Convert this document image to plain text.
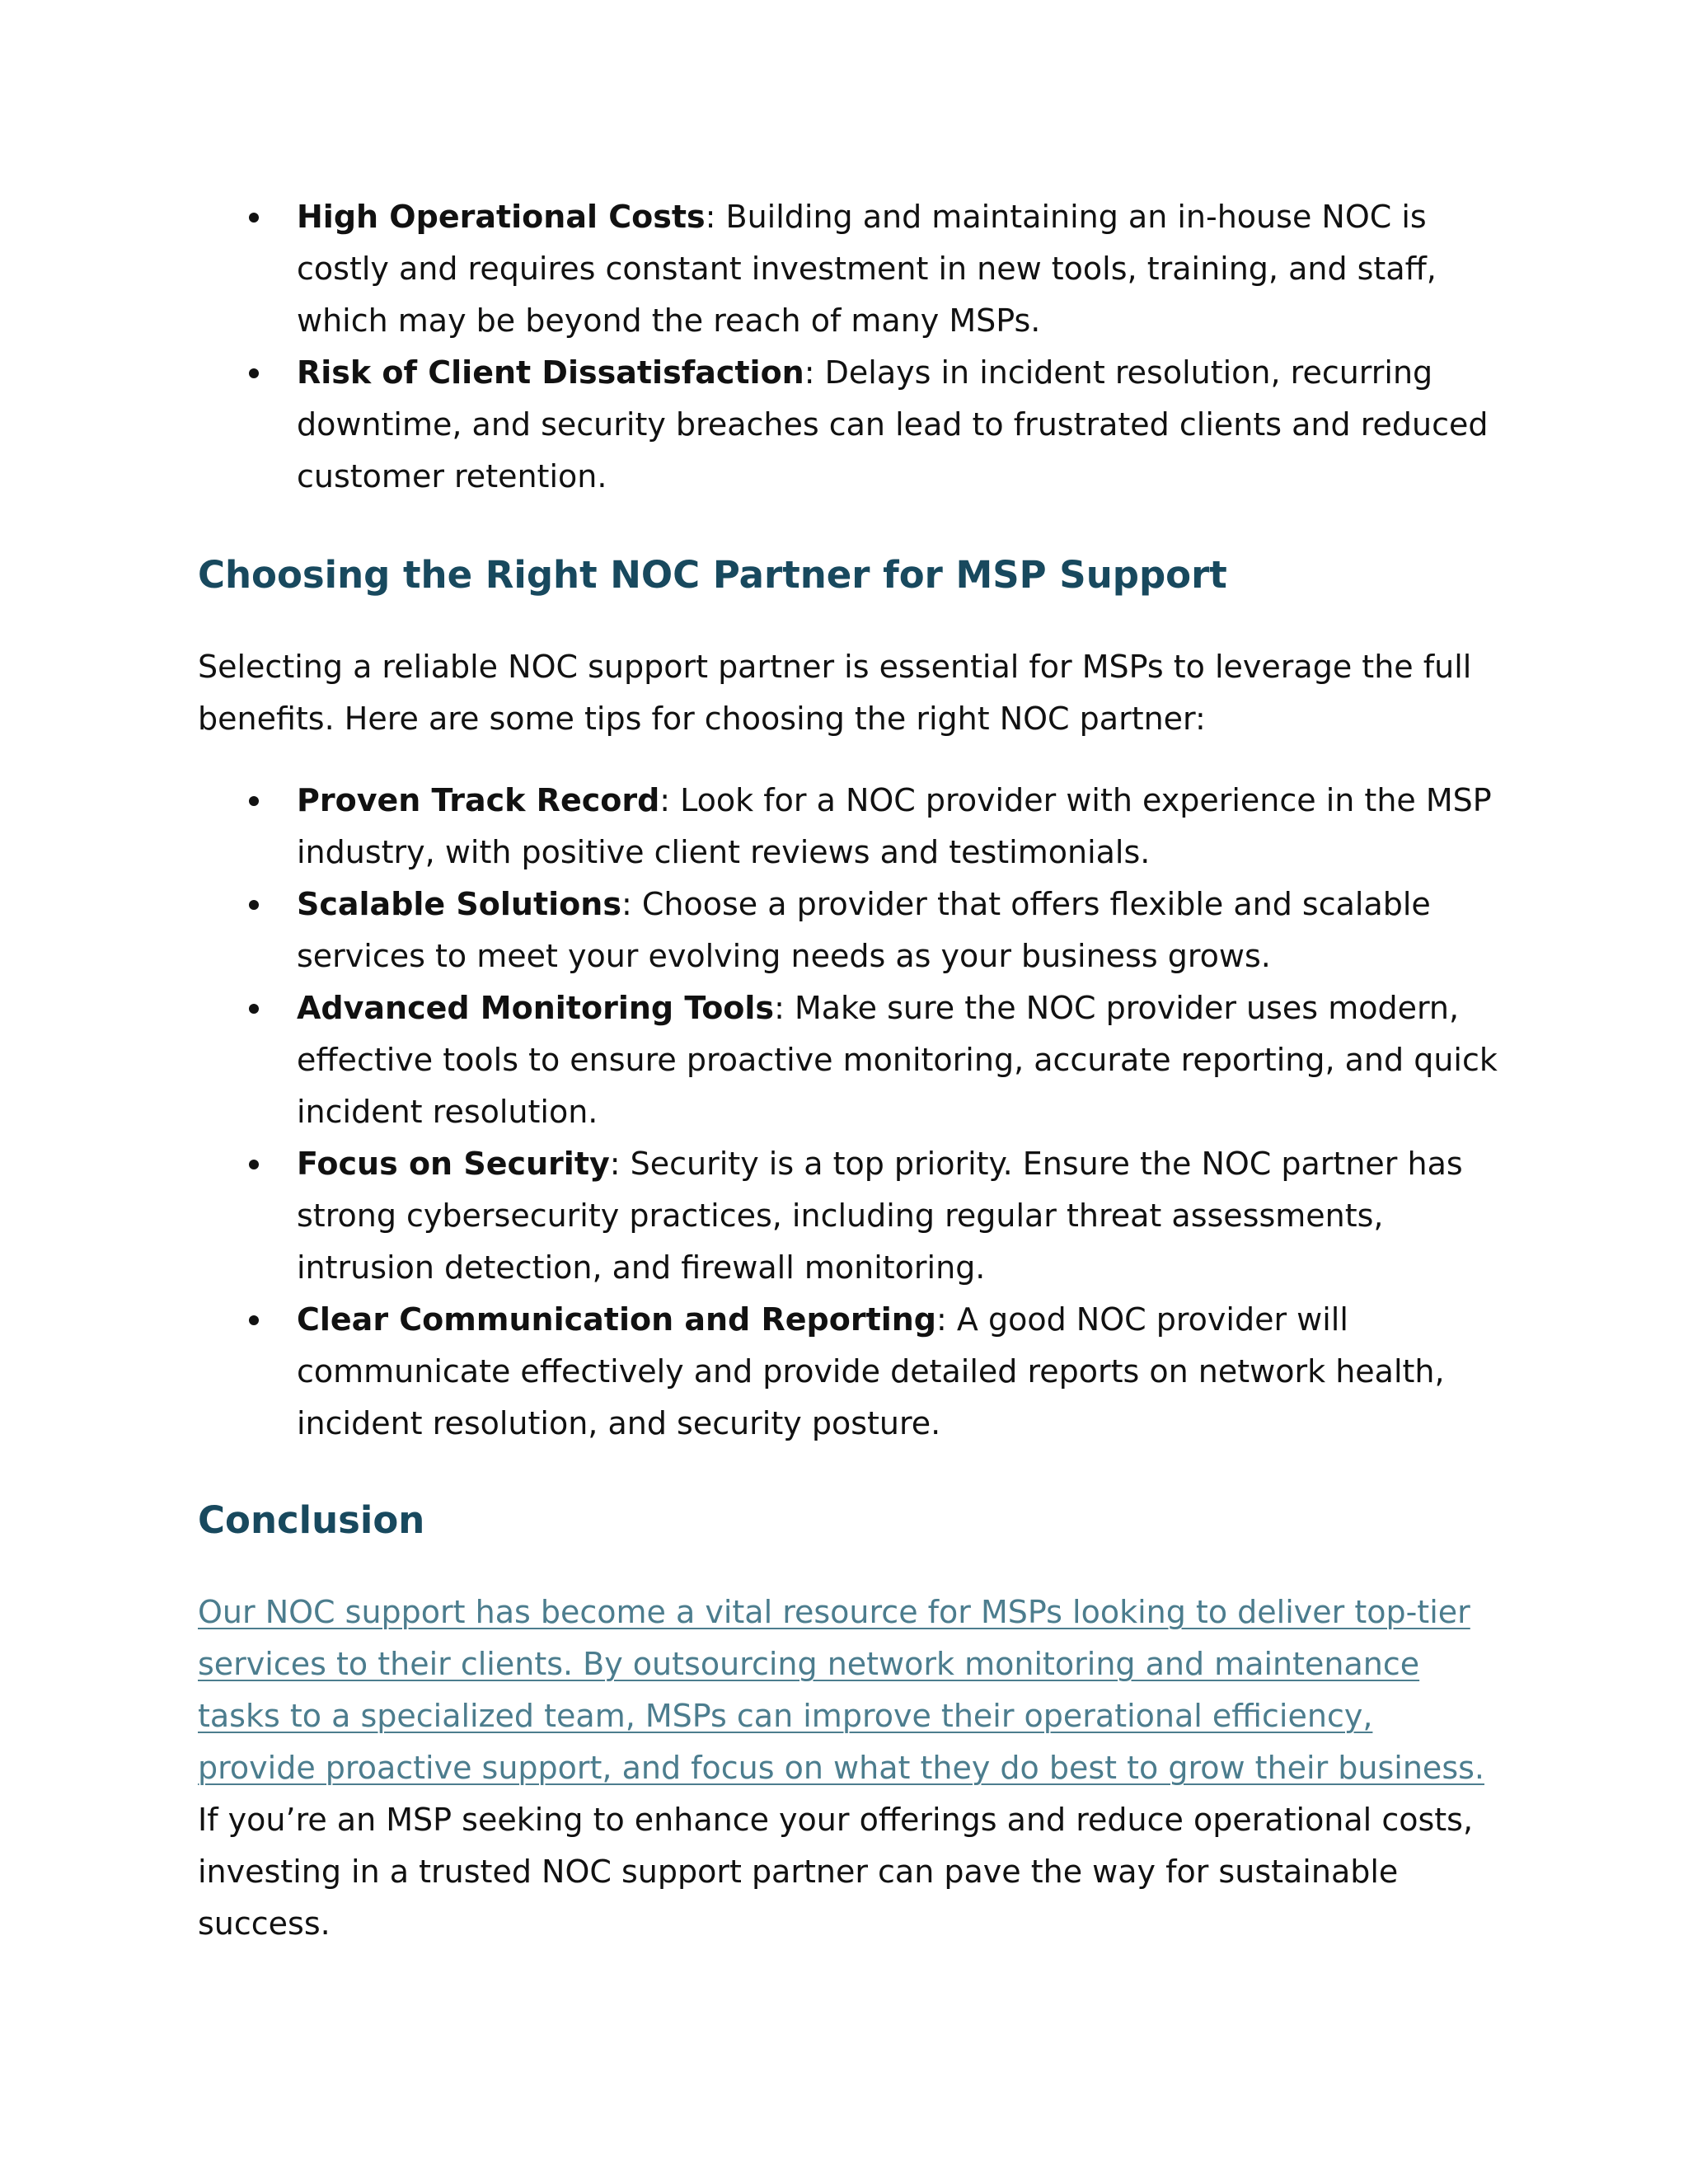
High Operational Costs: Building and maintaining an in-house NOC is costly and requires constant investment in new tools, training, and staff, which may be beyond the reach of many MSPs.
Risk of Client Dissatisfaction: Delays in incident resolution, recurring downtime, and security breaches can lead to frustrated clients and reduced customer retention.
Choosing the Right NOC Partner for MSP Support

Selecting a reliable NOC support partner is essential for MSPs to leverage the full benefits. Here are some tips for choosing the right NOC partner:

Proven Track Record: Look for a NOC provider with experience in the MSP industry, with positive client reviews and testimonials.
Scalable Solutions: Choose a provider that offers flexible and scalable services to meet your evolving needs as your business grows.
Advanced Monitoring Tools: Make sure the NOC provider uses modern, effective tools to ensure proactive monitoring, accurate reporting, and quick incident resolution.
Focus on Security: Security is a top priority. Ensure the NOC partner has strong cybersecurity practices, including regular threat assessments, intrusion detection, and firewall monitoring.
Clear Communication and Reporting: A good NOC provider will communicate effectively and provide detailed reports on network health, incident resolution, and security posture.
Conclusion

Our NOC support has become a vital resource for MSPs looking to deliver top-tier services to their clients. By outsourcing network monitoring and maintenance tasks to a specialized team, MSPs can improve their operational efficiency, provide proactive support, and focus on what they do best to grow their business. If you’re an MSP seeking to enhance your offerings and reduce operational costs, investing in a trusted NOC support partner can pave the way for sustainable success.
